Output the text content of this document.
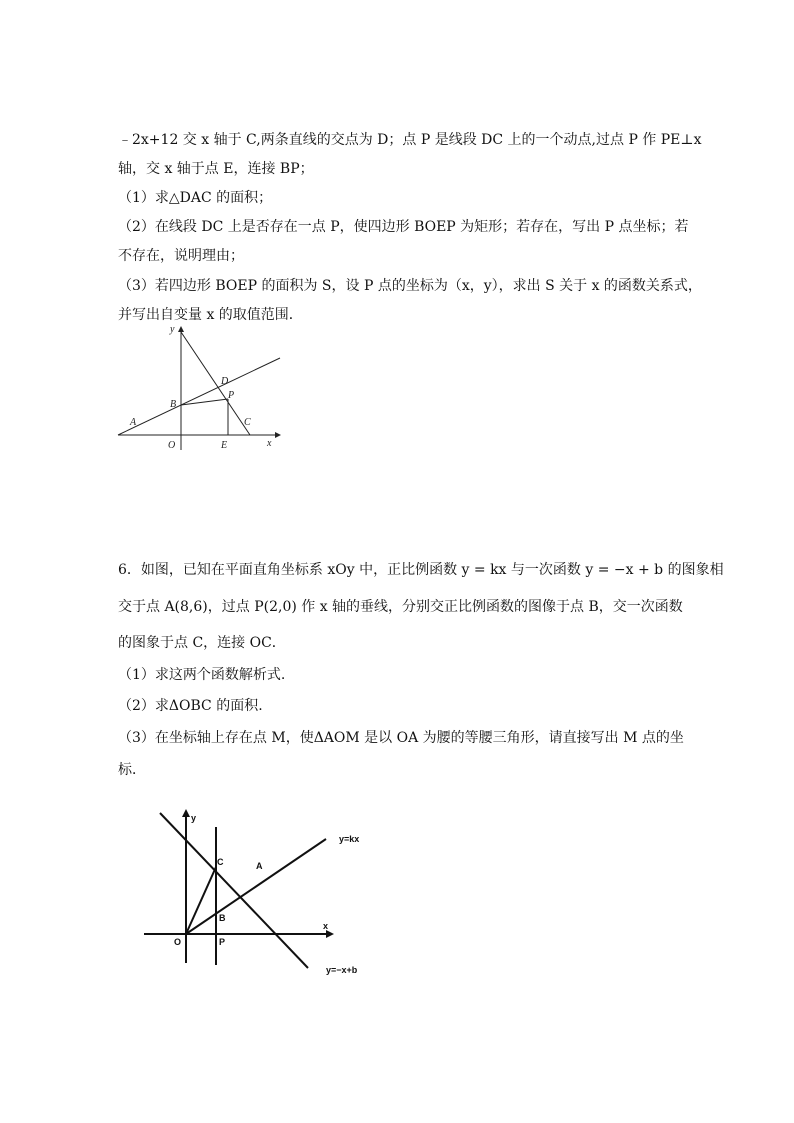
﹣2x+12 交 x 轴于 C,两条直线的交点为 D；点 P 是线段 DC 上的一个动点,过点 P 作 PE⊥x
轴，交 x 轴于点 E，连接 BP；
（1）求△DAC 的面积；
（2）在线段 DC 上是否存在一点 P，使四边形 BOEP 为矩形；若存在，写出 P 点坐标；若
不存在，说明理由；
（3）若四边形 BOEP 的面积为 S，设 P 点的坐标为（x，y），求出 S 关于 x 的函数关系式，
并写出自变量 x 的取值范围．
y
x
A
B
O
D
P
E
C
6．如图，已知在平面直角坐标系 xOy 中，正比例函数 y = kx 与一次函数 y = −x + b 的图象相
交于点 A(8,6)，过点 P(2,0) 作 x 轴的垂线，分别交正比例函数的图像于点 B，交一次函数
的图象于点 C，连接 OC．
（1）求这两个函数解析式.
（2）求ΔOBC 的面积.
（3）在坐标轴上存在点 M，使ΔAOM 是以 OA 为腰的等腰三角形，请直接写出 M 点的坐
标．
y
x
O	P
B
C	A
y=kx
y=−x+b
